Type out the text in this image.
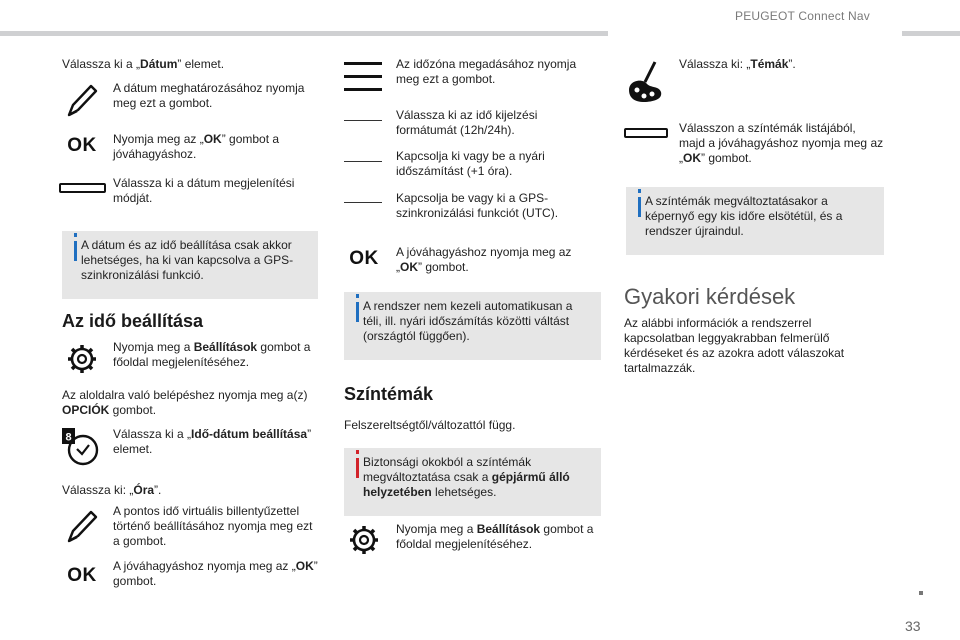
PEUGEOT Connect Nav
Válassza ki a „Dátum” elemet.
A dátum meghatározásához nyomja meg ezt a gombot.
OK	Nyomja meg az „OK” gombot a jóváhagyáshoz.
Válassza ki a dátum megjelenítési módját.
A dátum és az idő beállítása csak akkor lehetséges, ha ki van kapcsolva a GPS-szinkronizálási funkció.
Az idő beállítása
Nyomja meg a Beállítások gombot a főoldal megjelenítéséhez.
Az aloldalra való belépéshez nyomja meg a(z) OPCIÓK gombot.
8	Válassza ki a „Idő-dátum beállítása” elemet.
Válassza ki: „Óra”.
A pontos idő virtuális billentyűzettel történő beállításához nyomja meg ezt a gombot.
OK	A jóváhagyáshoz nyomja meg az „OK” gombot.
Az időzóna megadásához nyomja meg ezt a gombot.
Válassza ki az idő kijelzési formátumát (12h/24h).
Kapcsolja ki vagy be a nyári időszámítást (+1 óra).
Kapcsolja be vagy ki a GPS-szinkronizálási funkciót (UTC).
OK	A jóváhagyáshoz nyomja meg az „OK” gombot.
A rendszer nem kezeli automatikusan a téli, ill. nyári időszámítás közötti váltást (országtól függően).
Színtémák
Felszereltségtől/változattól függ.
Biztonsági okokból a színtémák megváltoztatása csak a gépjármű álló helyzetében lehetséges.
Nyomja meg a Beállítások gombot a főoldal megjelenítéséhez.
Válassza ki: „Témák”.
Válasszon a színtémák listájából, majd a jóváhagyáshoz nyomja meg az „OK” gombot.
A színtémák megváltoztatásakor a képernyő egy kis időre elsötétül, és a rendszer újraindul.
Gyakori kérdések
Az alábbi információk a rendszerrel kapcsolatban leggyakrabban felmerülő kérdéseket és az azokra adott válaszokat tartalmazzák.
33
